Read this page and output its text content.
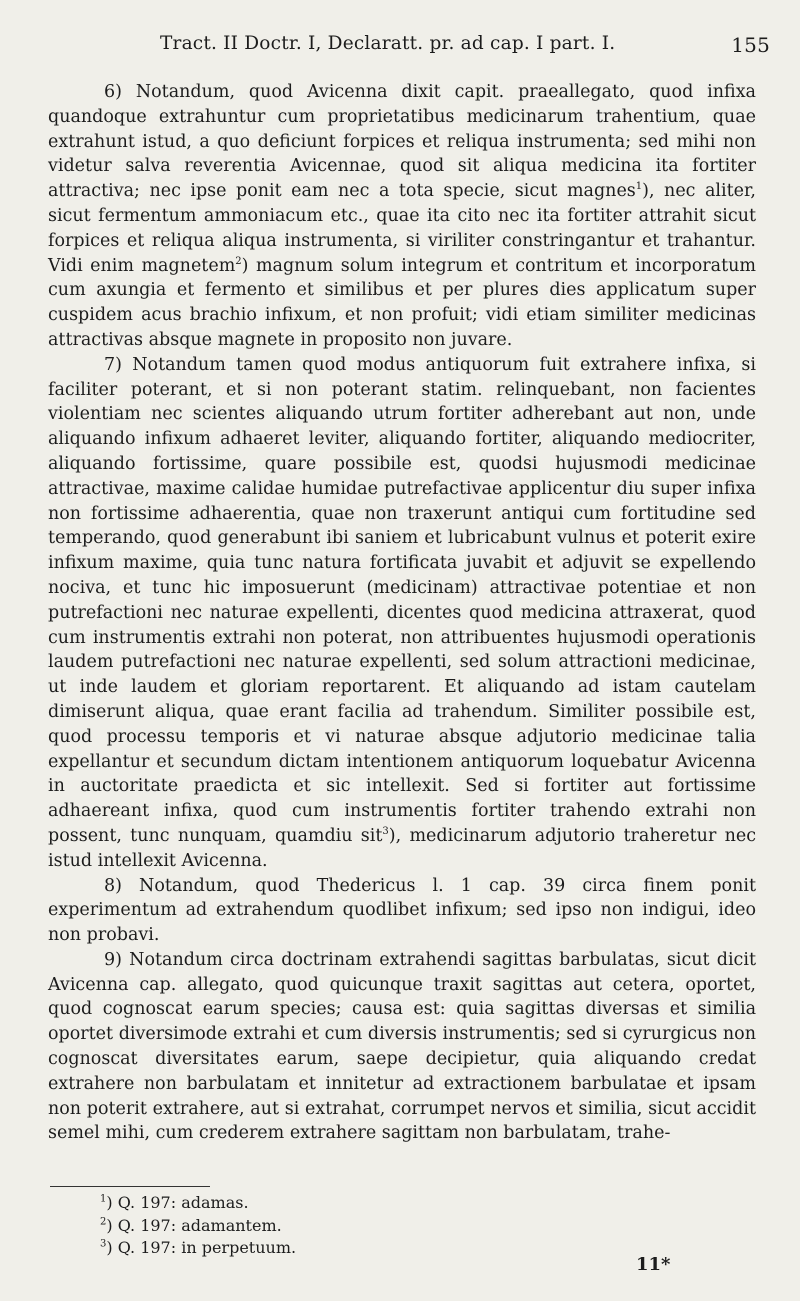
Tract. II Doctr. I, Declaratt. pr. ad cap. I part. I.	155

6) Notandum, quod Avicenna dixit capit. praeallegato, quod infixa quandoque extrahuntur cum proprietatibus medicinarum trahentium, quae extrahunt istud, a quo deficiunt forpices et reliqua instrumenta; sed mihi non videtur salva reverentia Avicennae, quod sit aliqua medicina ita fortiter attractiva; nec ipse ponit eam nec a tota specie, sicut magnes$^1$), nec aliter, sicut fermentum ammoniacum etc., quae ita cito nec ita fortiter attrahit sicut forpices et reliqua aliqua instrumenta, si viriliter constringantur et trahantur. Vidi enim magnetem$^2$) magnum solum integrum et contritum et incorporatum cum axungia et fermento et similibus et per plures dies applicatum super cuspidem acus brachio infixum, et non profuit; vidi etiam similiter medicinas attractivas absque magnete in proposito non juvare.

7) Notandum tamen quod modus antiquorum fuit extrahere infixa, si faciliter poterant, et si non poterant statim. relinquebant, non facientes violentiam nec scientes aliquando utrum fortiter adherebant aut non, unde aliquando infixum adhaeret leviter, aliquando fortiter, aliquando mediocriter, aliquando fortissime, quare possibile est, quodsi hujusmodi medicinae attractivae, maxime calidae humidae putrefactivae applicentur diu super infixa non fortissime adhaerentia, quae non traxerunt antiqui cum fortitudine sed temperando, quod generabunt ibi saniem et lubricabunt vulnus et poterit exire infixum maxime, quia tunc natura fortificata juvabit et adjuvit se expellendo nociva, et tunc hic imposuerunt (medicinam) attractivae potentiae et non putrefactioni nec naturae expellenti, dicentes quod medicina attraxerat, quod cum instrumentis extrahi non poterat, non attribuentes hujusmodi operationis laudem putrefactioni nec naturae expellenti, sed solum attractioni medicinae, ut inde laudem et gloriam reportarent. Et aliquando ad istam cautelam dimiserunt aliqua, quae erant facilia ad trahendum. Similiter possibile est, quod processu temporis et vi naturae absque adjutorio medicinae talia expellantur et secundum dictam intentionem antiquorum loquebatur Avicenna in auctoritate praedicta et sic intellexit. Sed si fortiter aut fortissime adhaereant infixa, quod cum instrumentis fortiter trahendo extrahi non possent, tunc nunquam, quamdiu sit$^3$), medicinarum adjutorio traheretur nec istud intellexit Avicenna.

8) Notandum, quod Thedericus l. 1 cap. 39 circa finem ponit experimentum ad extrahendum quodlibet infixum; sed ipso non indigui, ideo non probavi.

9) Notandum circa doctrinam extrahendi sagittas barbulatas, sicut dicit Avicenna cap. allegato, quod quicunque traxit sagittas aut cetera, oportet, quod cognoscat earum species; causa est: quia sagittas diversas et similia oportet diversimode extrahi et cum diversis instrumentis; sed si cyrurgicus non cognoscat diversitates earum, saepe decipietur, quia aliquando credat extrahere non barbulatam et innitetur ad extractionem barbulatae et ipsam non poterit extrahere, aut si extrahat, corrumpet nervos et similia, sicut accidit semel mihi, cum crederem extrahere sagittam non barbulatam, trahe-

$^1$) Q. 197: adamas.

$^2$) Q. 197: adamantem.

$^3$) Q. 197: in perpetuum.

11*
